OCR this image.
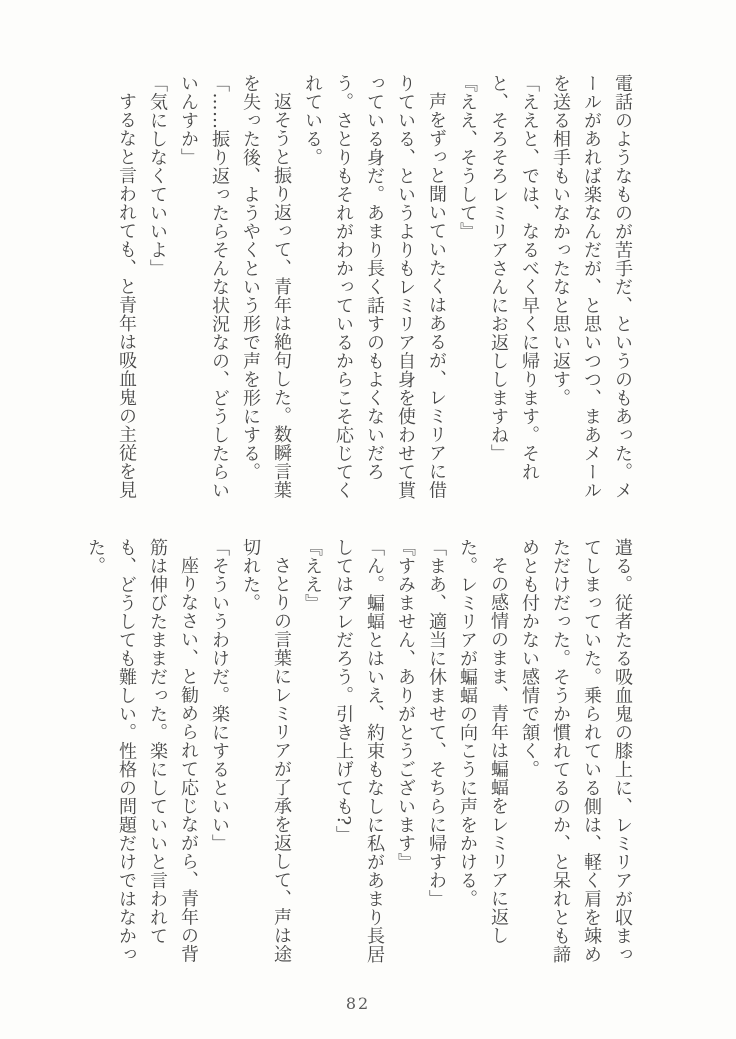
電話のようなものが苦手だ、というのもあった。メールがあれば楽なんだが、と思いつつ、まあメールを送る相手もいなかったなと思い返す。

「ええと、では、なるべく早くに帰ります。それと、そろそろレミリアさんにお返ししますね」

『ええ、そうして』

声をずっと聞いていたくはあるが、レミリアに借りている、というよりもレミリア自身を使わせて貰っている身だ。あまり長く話すのもよくないだろう。さとりもそれがわかっているからこそ応じてくれている。

返そうと振り返って、青年は絶句した。数瞬言葉を失った後、ようやくという形で声を形にする。

「……振り返ったらそんな状況なの、どうしたらいいんすか」

「気にしなくていいよ」

するなと言われても、と青年は吸血鬼の主従を見

遣る。従者たる吸血鬼の膝上に、レミリアが収まってしまっていた。乗られている側は、軽く肩を竦めただけだった。そうか慣れてるのか、と呆れとも諦めとも付かない感情で頷く。

その感情のまま、青年は蝙蝠をレミリアに返した。レミリアが蝙蝠の向こうに声をかける。

「まあ、適当に休ませて、そちらに帰すわ」

『すみません、ありがとうございます』

「ん。蝙蝠とはいえ、約束もなしに私があまり長居してはアレだろう。引き上げても?」

『ええ』

さとりの言葉にレミリアが了承を返して、声は途切れた。

「そういうわけだ。楽にするといい」

座りなさい、と勧められて応じながら、青年の背筋は伸びたままだった。楽にしていいと言われても、どうしても難しい。性格の問題だけではなかった。

82
